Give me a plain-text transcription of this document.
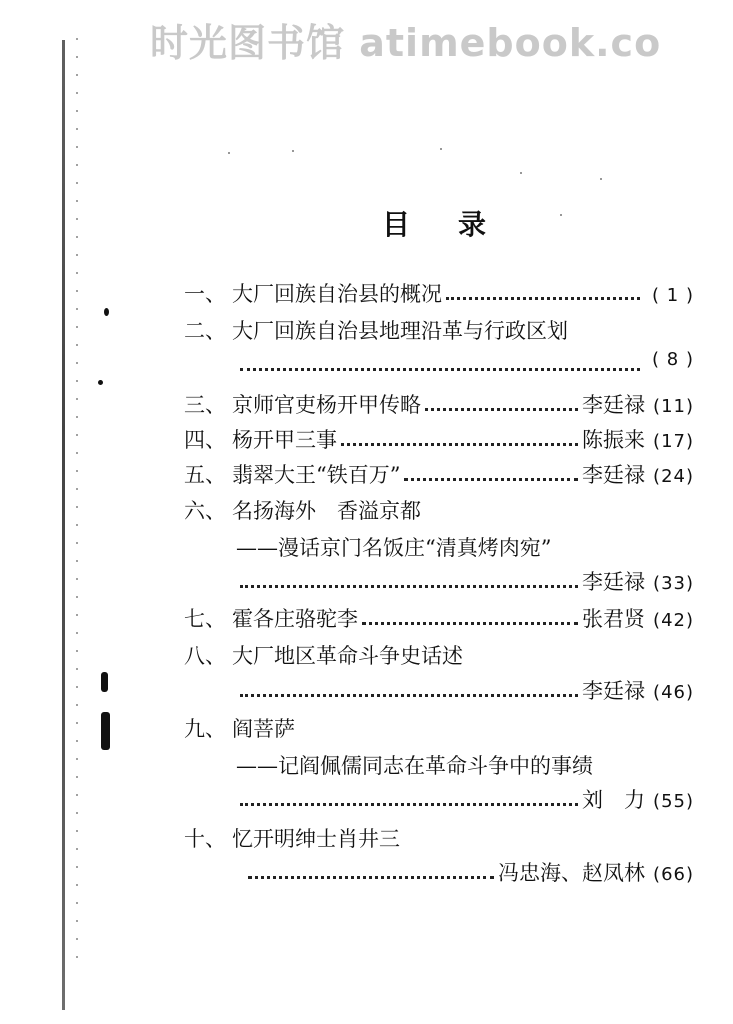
时光图书馆 atimebook.co
目录
一、 大厂回族自治县的概况	( 1 )
二、 大厂回族自治县地理沿革与行政区划
( 8 )
三、 京师官吏杨开甲传略	李廷禄 (11)
四、 杨开甲三事	陈振来 (17)
五、 翡翠大王“铁百万”	李廷禄 (24)
六、 名扬海外　香溢京都
——漫话京门名饭庄“清真烤肉宛”
李廷禄 (33)
七、 霍各庄骆驼李	张君贤 (42)
八、 大厂地区革命斗争史话述
李廷禄 (46)
九、 阎菩萨
——记阎佩儒同志在革命斗争中的事绩
刘　力 (55)
十、 忆开明绅士肖井三
冯忠海、赵凤林 (66)
